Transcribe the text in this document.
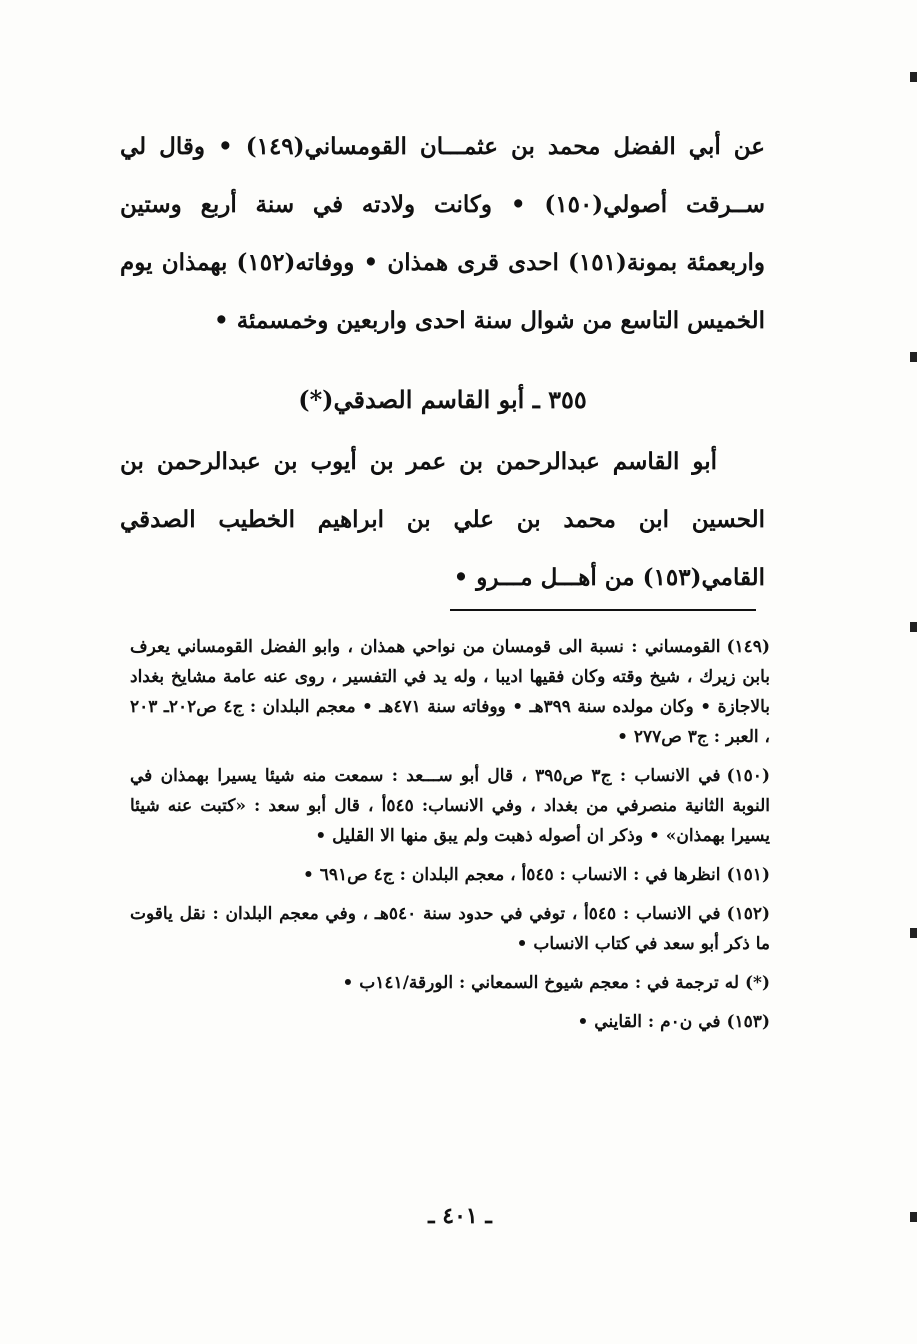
عن أبي الفضل محمد بن عثمـــان القومساني(١٤٩) • وقال لي ســرقت أصولي(١٥٠) • وكانت ولادته في سنة أربع وستين واربعمئة بمونة(١٥١) احدى قرى همذان • ووفاته(١٥٢) بهمذان يوم الخميس التاسع من شوال سنة احدى واربعين وخمسمئة •

٣٥٥ ـ أبو القاسم الصدقي(*)

أبو القاسم عبدالرحمن بن عمر بن أيوب بن عبدالرحمن بن الحسين ابن محمد بن علي بن ابراهيم الخطيب الصدقي القامي(١٥٣) من أهـــل مـــرو •

(١٤٩)القومساني : نسبة الى قومسان من نواحي همذان ، وابو الفضل القومساني يعرف بابن زيرك ، شيخ وقته وكان فقيها اديبا ، وله يد في التفسير ، روى عنه عامة مشايخ بغداد بالاجازة • وكان مولده سنة ٣٩٩هـ • ووفاته سنة ٤٧١هـ • معجم البلدان : ج٤ ص٢٠٢ـ ٢٠٣ ، العبر : ج٣ ص٢٧٧ •

(١٥٠)في الانساب : ج٣ ص٣٩٥ ، قال أبو ســـعد : سمعت منه شيئا يسيرا بهمذان في النوبة الثانية منصرفي من بغداد ، وفي الانساب: ٥٤٥أ ، قال أبو سعد : «كتبت عنه شيئا يسيرا بهمذان» • وذكر ان أصوله ذهبت ولم يبق منها الا القليل •

(١٥١)انظرها في : الانساب : ٥٤٥أ ، معجم البلدان : ج٤ ص٦٩١ •

(١٥٢)في الانساب : ٥٤٥أ ، توفي في حدود سنة ٥٤٠هـ ، وفي معجم البلدان : نقل ياقوت ما ذكر أبو سعد في كتاب الانساب •

(*)له ترجمة في : معجم شيوخ السمعاني : الورقة/١٤١ب •

(١٥٣)في ن٠م : القايني •

ـ ٤٠١ ـ
